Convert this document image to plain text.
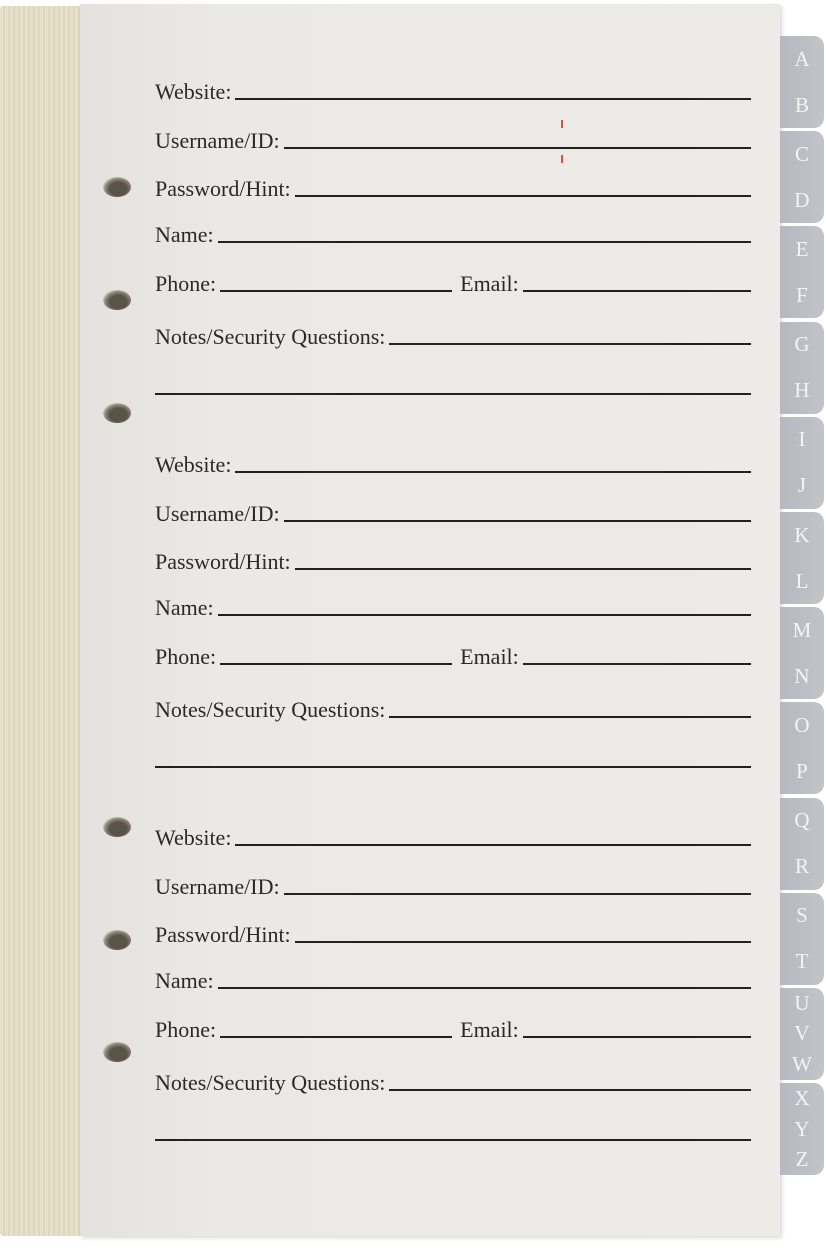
Website:
Username/ID:
Password/Hint:
Name:
Phone:	Email:
Notes/Security Questions:
Website:
Username/ID:
Password/Hint:
Name:
Phone:	Email:
Notes/Security Questions:
Website:
Username/ID:
Password/Hint:
Name:
Phone:	Email:
Notes/Security Questions:
A
B
C
D
E
F
G
H
I
J
K
L
M
N
O
P
Q
R
S
T
U
V
W
X
Y
Z
